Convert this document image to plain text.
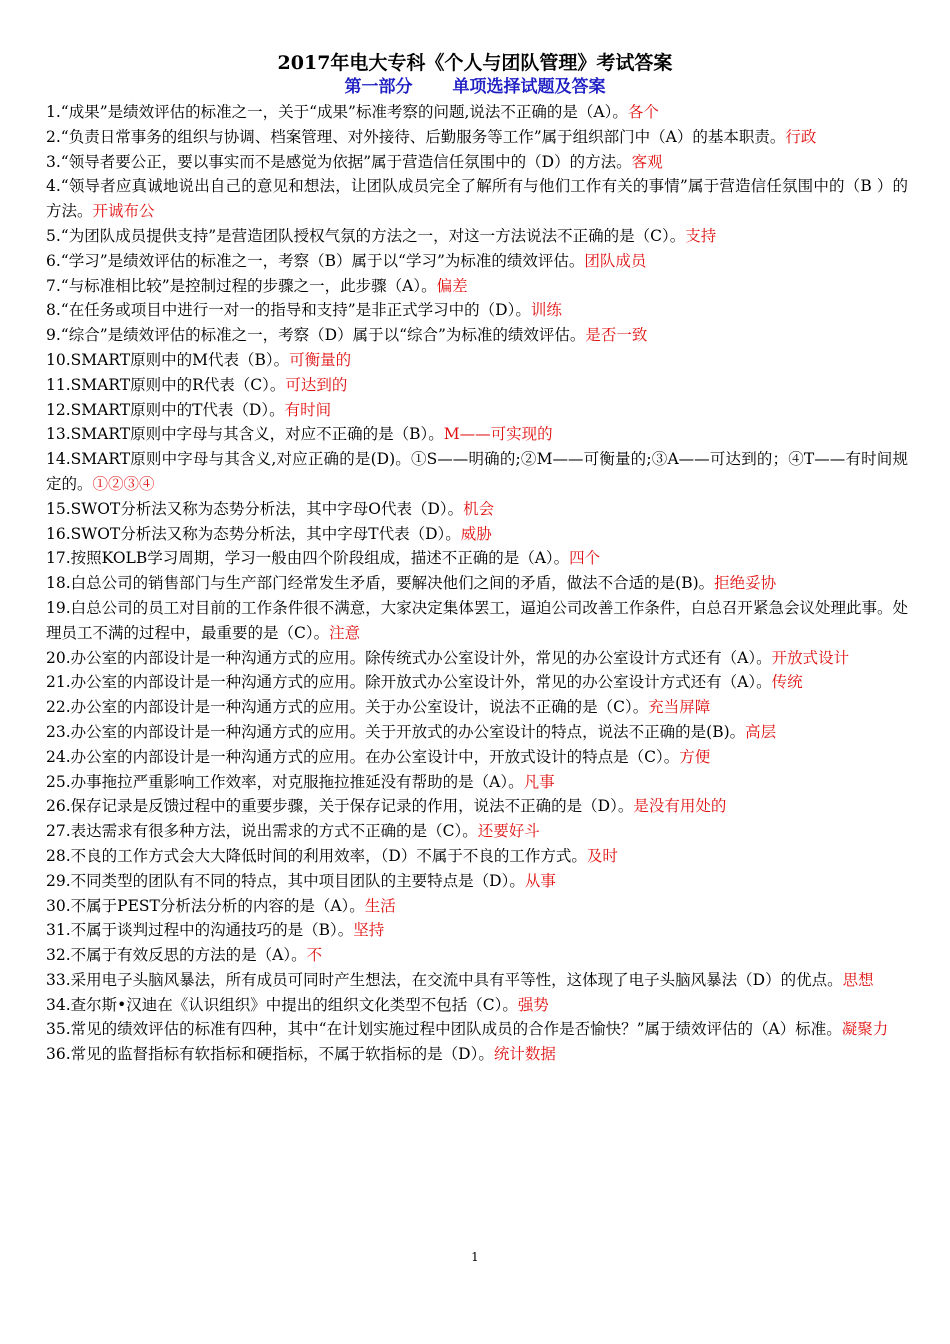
2017年电大专科《个人与团队管理》考试答案
第一部分 单项选择试题及答案
1.“成果”是绩效评估的标准之一，关于“成果”标准考察的问题,说法不正确的是（A）。各个
2.“负责日常事务的组织与协调、档案管理、对外接待、后勤服务等工作”属于组织部门中（A）的基本职责。行政
3.“领导者要公正，要以事实而不是感觉为依据”属于营造信任氛围中的（D）的方法。客观
4.“领导者应真诚地说出自己的意见和想法，让团队成员完全了解所有与他们工作有关的事情”属于营造信任氛围中的（B ）的方法。开诚布公
5.“为团队成员提供支持”是营造团队授权气氛的方法之一，对这一方法说法不正确的是（C）。支持
6.“学习”是绩效评估的标准之一，考察（B）属于以“学习”为标准的绩效评估。团队成员
7.“与标准相比较”是控制过程的步骤之一，此步骤（A）。偏差
8.“在任务或项目中进行一对一的指导和支持”是非正式学习中的（D）。训练
9.“综合”是绩效评估的标准之一，考察（D）属于以“综合”为标准的绩效评估。是否一致
10.SMART原则中的M代表（B）。可衡量的
11.SMART原则中的R代表（C）。可达到的
12.SMART原则中的T代表（D）。有时间
13.SMART原则中字母与其含义，对应不正确的是（B）。M——可实现的
14.SMART原则中字母与其含义,对应正确的是(D)。①S——明确的;②M——可衡量的;③A——可达到的；④T——有时间规定的。①②③④
15.SWOT分析法又称为态势分析法，其中字母O代表（D）。机会
16.SWOT分析法又称为态势分析法，其中字母T代表（D）。威胁
17.按照KOLB学习周期，学习一般由四个阶段组成，描述不正确的是（A）。四个
18.白总公司的销售部门与生产部门经常发生矛盾，要解决他们之间的矛盾，做法不合适的是(B)。拒绝妥协
19.白总公司的员工对目前的工作条件很不满意，大家决定集体罢工，逼迫公司改善工作条件，白总召开紧急会议处理此事。处理员工不满的过程中，最重要的是（C）。注意
20.办公室的内部设计是一种沟通方式的应用。除传统式办公室设计外，常见的办公室设计方式还有（A）。开放式设计
21.办公室的内部设计是一种沟通方式的应用。除开放式办公室设计外，常见的办公室设计方式还有（A）。传统
22.办公室的内部设计是一种沟通方式的应用。关于办公室设计，说法不正确的是（C）。充当屏障
23.办公室的内部设计是一种沟通方式的应用。关于开放式的办公室设计的特点，说法不正确的是(B)。高层
24.办公室的内部设计是一种沟通方式的应用。在办公室设计中，开放式设计的特点是（C）。方便
25.办事拖拉严重影响工作效率，对克服拖拉推延没有帮助的是（A）。凡事
26.保存记录是反馈过程中的重要步骤，关于保存记录的作用，说法不正确的是（D）。是没有用处的
27.表达需求有很多种方法，说出需求的方式不正确的是（C）。还要好斗
28.不良的工作方式会大大降低时间的利用效率，（D）不属于不良的工作方式。及时
29.不同类型的团队有不同的特点，其中项目团队的主要特点是（D）。从事
30.不属于PEST分析法分析的内容的是（A）。生活
31.不属于谈判过程中的沟通技巧的是（B）。坚持
32.不属于有效反思的方法的是（A）。不
33.采用电子头脑风暴法，所有成员可同时产生想法，在交流中具有平等性，这体现了电子头脑风暴法（D）的优点。思想
34.查尔斯•汉迪在《认识组织》中提出的组织文化类型不包括（C）。强势
35.常见的绩效评估的标准有四种，其中“在计划实施过程中团队成员的合作是否愉快？”属于绩效评估的（A）标准。凝聚力
36.常见的监督指标有软指标和硬指标，不属于软指标的是（D）。统计数据
1
